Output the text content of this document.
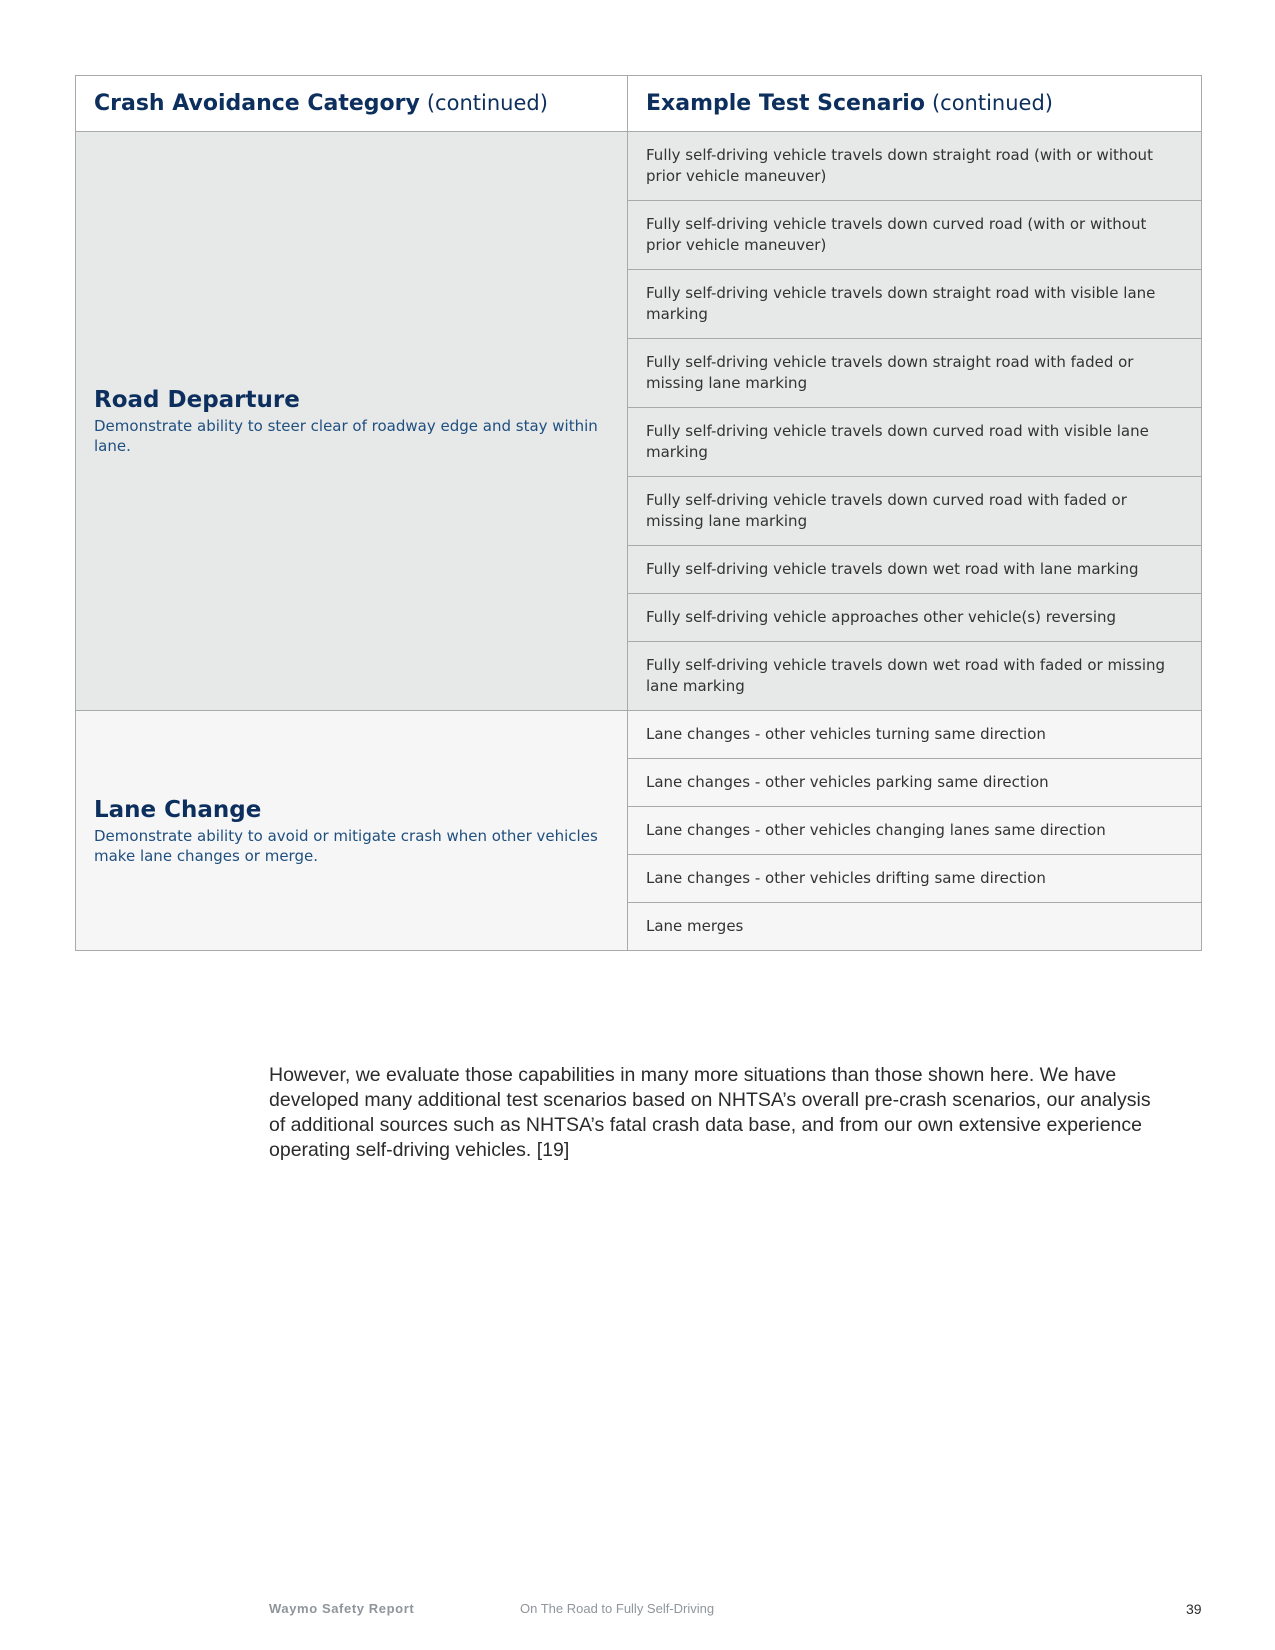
Crash Avoidance Category (continued)	Example Test Scenario (continued)

Road Departure
Demonstrate ability to steer clear of roadway edge and stay within lane.	Fully self-driving vehicle travels down straight road (with or without prior vehicle maneuver)
	Fully self-driving vehicle travels down curved road (with or without prior vehicle maneuver)
	Fully self-driving vehicle travels down straight road with visible lane marking
	Fully self-driving vehicle travels down straight road with faded or missing lane marking
	Fully self-driving vehicle travels down curved road with visible lane marking
	Fully self-driving vehicle travels down curved road with faded or missing lane marking
	Fully self-driving vehicle travels down wet road with lane marking
	Fully self-driving vehicle approaches other vehicle(s) reversing
	Fully self-driving vehicle travels down wet road with faded or missing lane marking

Lane Change
Demonstrate ability to avoid or mitigate crash when other vehicles make lane changes or merge.	Lane changes - other vehicles turning same direction
	Lane changes - other vehicles parking same direction
	Lane changes - other vehicles changing lanes same direction
	Lane changes - other vehicles drifting same direction
	Lane merges

However, we evaluate those capabilities in many more situations than those shown here. We have developed many additional test scenarios based on NHTSA’s overall pre-crash scenarios, our analysis of additional sources such as NHTSA’s fatal crash data base, and from our own extensive experience operating self-driving vehicles. [19]

Waymo Safety Report	On The Road to Fully Self-Driving	39
